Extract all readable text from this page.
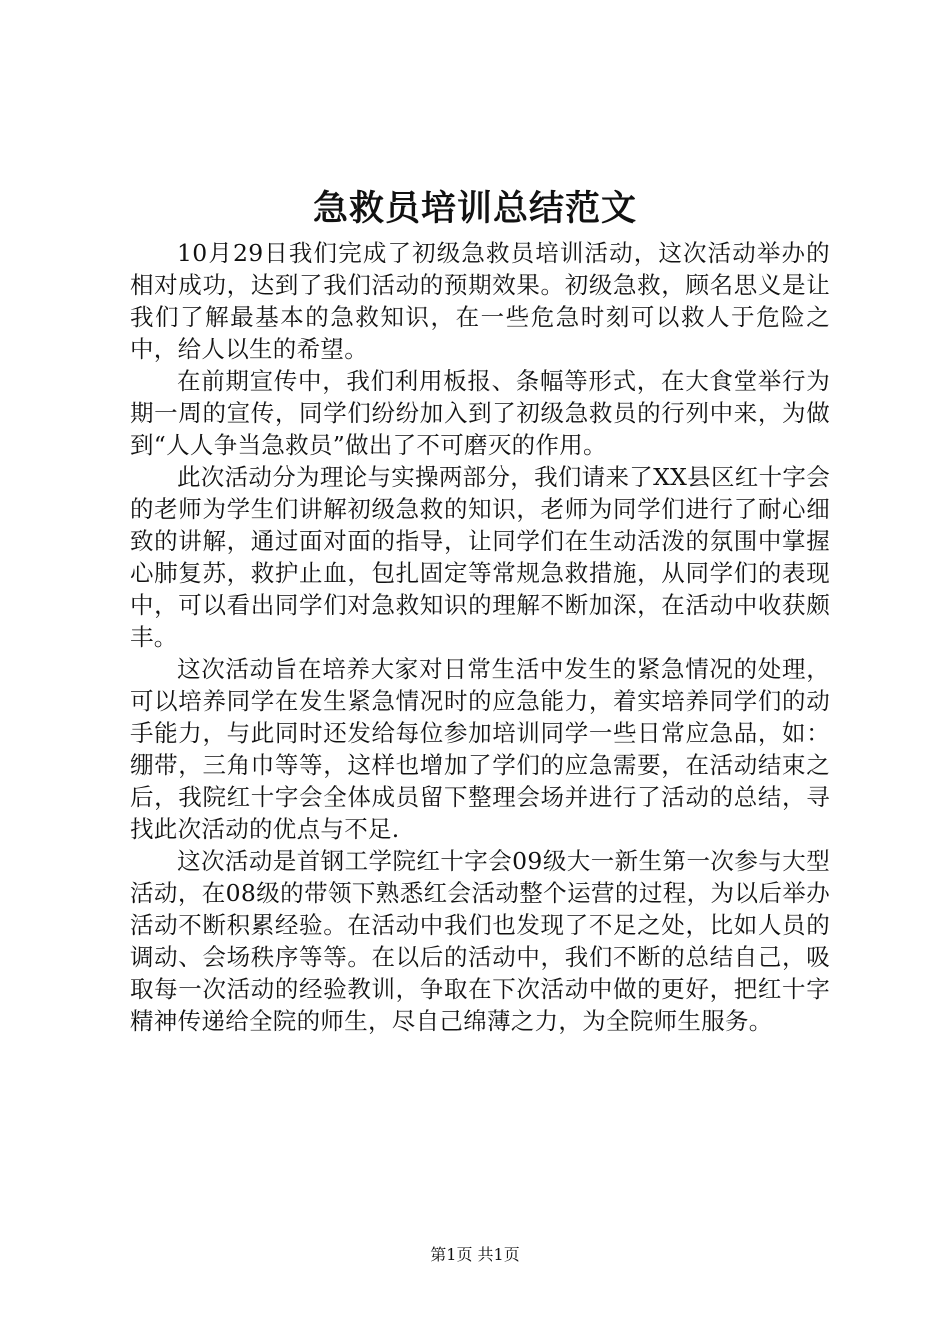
急救员培训总结范文

10月29日我们完成了初级急救员培训活动，这次活动举办的相对成功，达到了我们活动的预期效果。初级急救，顾名思义是让我们了解最基本的急救知识，在一些危急时刻可以救人于危险之中，给人以生的希望。

在前期宣传中，我们利用板报、条幅等形式，在大食堂举行为期一周的宣传，同学们纷纷加入到了初级急救员的行列中来，为做到“人人争当急救员”做出了不可磨灭的作用。

此次活动分为理论与实操两部分，我们请来了XX县区红十字会的老师为学生们讲解初级急救的知识，老师为同学们进行了耐心细致的讲解，通过面对面的指导，让同学们在生动活泼的氛围中掌握心肺复苏，救护止血，包扎固定等常规急救措施，从同学们的表现中，可以看出同学们对急救知识的理解不断加深，在活动中收获颇丰。

这次活动旨在培养大家对日常生活中发生的紧急情况的处理，可以培养同学在发生紧急情况时的应急能力，着实培养同学们的动手能力，与此同时还发给每位参加培训同学一些日常应急品，如：绷带，三角巾等等，这样也增加了学们的应急需要，在活动结束之后，我院红十字会全体成员留下整理会场并进行了活动的总结，寻找此次活动的优点与不足.

这次活动是首钢工学院红十字会09级大一新生第一次参与大型活动，在08级的带领下熟悉红会活动整个运营的过程，为以后举办活动不断积累经验。在活动中我们也发现了不足之处，比如人员的调动、会场秩序等等。在以后的活动中，我们不断的总结自己，吸取每一次活动的经验教训，争取在下次活动中做的更好，把红十字精神传递给全院的师生，尽自己绵薄之力，为全院师生服务。

第1页 共1页
